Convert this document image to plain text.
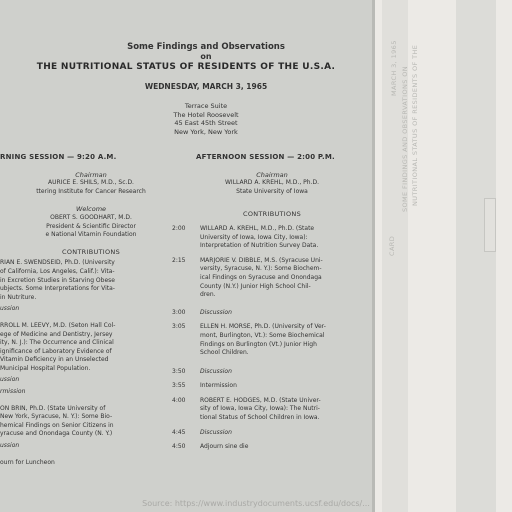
Some Findings and Observations
on
THE NUTRITIONAL STATUS OF RESIDENTS OF THE U.S.A.
WEDNESDAY, MARCH 3, 1965
Terrace Suite
The Hotel Roosevelt
45 East 45th Street
New York, New York
RNING SESSION — 9:20 A.M.
Chairman
AURICE E. SHILS, M.D., Sc.D.
ttering Institute for Cancer Research
Welcome
OBERT S. GOODHART, M.D.
President & Scientific Director
e National Vitamin Foundation
CONTRIBUTIONS
RIAN E. SWENDSEID, Ph.D. (University
of California, Los Angeles, Calif.): Vita-
in Excretion Studies in Starving Obese
ubjects. Some Interpretations for Vita-
in Nutriture.
ussion
RROLL M. LEEVY, M.D. (Seton Hall Col-
ege of Medicine and Dentistry, Jersey
ity, N. J.): The Occurrence and Clinical
ignificance of Laboratory Evidence of
Vitamin Deficiency in an Unselected
Municipal Hospital Population.
ussion
rmission
ON BRIN, Ph.D. (State University of
New York, Syracuse, N. Y.): Some Bio-
hemical Findings on Senior Citizens in
yracuse and Onondaga County (N. Y.)
ussion
ourn for Luncheon
AFTERNOON SESSION — 2:00 P.M.
Chairman
WILLARD A. KREHL, M.D., Ph.D.
State University of Iowa
CONTRIBUTIONS
2:00	WILLARD A. KREHL, M.D., Ph.D. (State
University of Iowa, Iowa City, Iowa):
Interpretation of Nutrition Survey Data.
2:15	MARJORIE V. DIBBLE, M.S. (Syracuse Uni-
versity, Syracuse, N. Y.): Some Biochem-
ical Findings on Syracuse and Onondaga
County (N.Y.) Junior High School Chil-
dren.
3:00	Discussion
3:05	ELLEN H. MORSE, Ph.D. (University of Ver-
mont, Burlington, Vt.): Some Biochemical
Findings on Burlington (Vt.) Junior High
School Children.
3:50	Discussion
3:55	Intermission
4:00	ROBERT E. HODGES, M.D. (State Univer-
sity of Iowa, Iowa City, Iowa): The Nutri-
tional Status of School Children in Iowa.
4:45	Discussion
4:50	Adjourn sine die
SOME FINDINGS AND OBSERVATIONS ON NUTRITIONAL STATUS OF RESIDENTS OF THE
MARCH 3, 1965
CARD
Source: https://www.industrydocuments.ucsf.edu/docs/...
